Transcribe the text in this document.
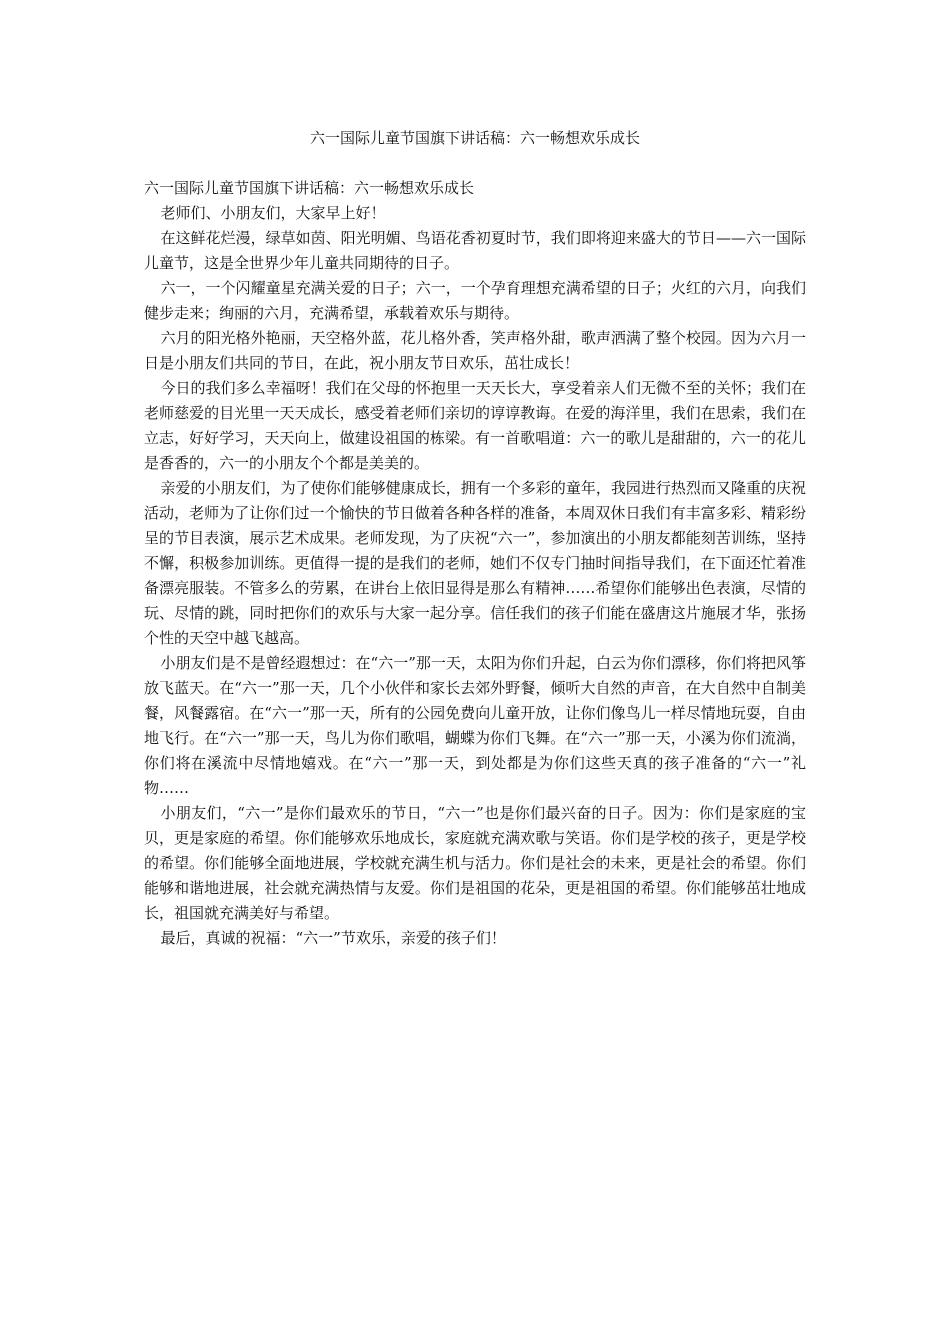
六一国际儿童节国旗下讲话稿：六一畅想欢乐成长

六一国际儿童节国旗下讲话稿：六一畅想欢乐成长

老师们、小朋友们，大家早上好！

在这鲜花烂漫，绿草如茵、阳光明媚、鸟语花香初夏时节，我们即将迎来盛大的节日——六一国际儿童节，这是全世界少年儿童共同期待的日子。

六一，一个闪耀童星充满关爱的日子；六一，一个孕育理想充满希望的日子；火红的六月，向我们健步走来；绚丽的六月，充满希望，承载着欢乐与期待。

六月的阳光格外艳丽，天空格外蓝，花儿格外香，笑声格外甜，歌声洒满了整个校园。因为六月一日是小朋友们共同的节日，在此，祝小朋友节日欢乐，茁壮成长！

今日的我们多么幸福呀！我们在父母的怀抱里一天天长大，享受着亲人们无微不至的关怀；我们在老师慈爱的目光里一天天成长，感受着老师们亲切的谆谆教诲。在爱的海洋里，我们在思索，我们在立志，好好学习，天天向上，做建设祖国的栋梁。有一首歌唱道：六一的歌儿是甜甜的，六一的花儿是香香的，六一的小朋友个个都是美美的。

亲爱的小朋友们，为了使你们能够健康成长，拥有一个多彩的童年，我园进行热烈而又隆重的庆祝活动，老师为了让你们过一个愉快的节日做着各种各样的准备，本周双休日我们有丰富多彩、精彩纷呈的节目表演，展示艺术成果。老师发现，为了庆祝“六一”，参加演出的小朋友都能刻苦训练，坚持不懈，积极参加训练。更值得一提的是我们的老师，她们不仅专门抽时间指导我们，在下面还忙着准备漂亮服装。不管多么的劳累，在讲台上依旧显得是那么有精神……希望你们能够出色表演，尽情的玩、尽情的跳，同时把你们的欢乐与大家一起分享。信任我们的孩子们能在盛唐这片施展才华，张扬个性的天空中越飞越高。

小朋友们是不是曾经遐想过：在“六一”那一天，太阳为你们升起，白云为你们漂移，你们将把风筝放飞蓝天。在“六一”那一天，几个小伙伴和家长去郊外野餐，倾听大自然的声音，在大自然中自制美餐，风餐露宿。在“六一”那一天，所有的公园免费向儿童开放，让你们像鸟儿一样尽情地玩耍，自由地飞行。在“六一”那一天，鸟儿为你们歌唱，蝴蝶为你们飞舞。在“六一”那一天，小溪为你们流淌，你们将在溪流中尽情地嬉戏。在“六一”那一天，到处都是为你们这些天真的孩子准备的“六一”礼物……

小朋友们，“六一”是你们最欢乐的节日，“六一”也是你们最兴奋的日子。因为：你们是家庭的宝贝，更是家庭的希望。你们能够欢乐地成长，家庭就充满欢歌与笑语。你们是学校的孩子，更是学校的希望。你们能够全面地进展，学校就充满生机与活力。你们是社会的未来，更是社会的希望。你们能够和谐地进展，社会就充满热情与友爱。你们是祖国的花朵，更是祖国的希望。你们能够茁壮地成长，祖国就充满美好与希望。

最后，真诚的祝福：“六一”节欢乐，亲爱的孩子们！
